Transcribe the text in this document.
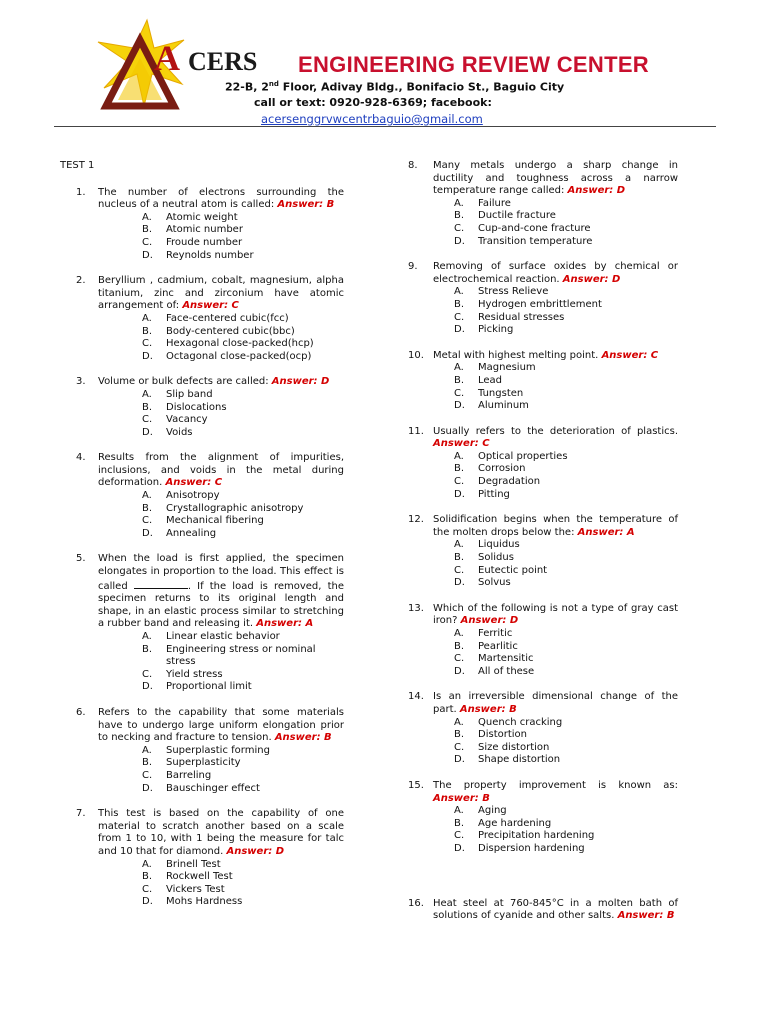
A CERS ENGINEERING REVIEW CENTER
22-B, 2nd Floor, Adivay Bldg., Bonifacio St., Baguio City
call or text: 0920-928-6369; facebook:
acersenggrvwcentrbaguio@gmail.com
TEST 1
1. The number of electrons surrounding the nucleus of a neutral atom is called: Answer: B
A. Atomic weight
B. Atomic number
C. Froude number
D. Reynolds number
2. Beryllium , cadmium, cobalt, magnesium, alpha titanium, zinc and zirconium have atomic arrangement of: Answer: C
A. Face-centered cubic(fcc)
B. Body-centered cubic(bbc)
C. Hexagonal close-packed(hcp)
D. Octagonal close-packed(ocp)
3. Volume or bulk defects are called: Answer: D
A. Slip band
B. Dislocations
C. Vacancy
D. Voids
4. Results from the alignment of impurities, inclusions, and voids in the metal during deformation. Answer: C
A. Anisotropy
B. Crystallographic anisotropy
C. Mechanical fibering
D. Annealing
5. When the load is first applied, the specimen elongates in proportion to the load. This effect is called	. If the load is removed, the specimen returns to its original length and shape, in an elastic process similar to stretching a rubber band and releasing it. Answer: A
A. Linear elastic behavior
B. Engineering stress or nominal stress
C. Yield stress
D. Proportional limit
6. Refers to the capability that some materials have to undergo large uniform elongation prior to necking and fracture to tension. Answer: B
A. Superplastic forming
B. Superplasticity
C. Barreling
D. Bauschinger effect
7. This test is based on the capability of one material to scratch another based on a scale from 1 to 10, with 1 being the measure for talc and 10 that for diamond. Answer: D
A. Brinell Test
B. Rockwell Test
C. Vickers Test
D. Mohs Hardness
8. Many metals undergo a sharp change in ductility and toughness across a narrow temperature range called: Answer: D
A. Failure
B. Ductile fracture
C. Cup-and-cone fracture
D. Transition temperature
9. Removing of surface oxides by chemical or electrochemical reaction. Answer: D
A. Stress Relieve
B. Hydrogen embrittlement
C. Residual stresses
D. Picking
10. Metal with highest melting point. Answer: C
A. Magnesium
B. Lead
C. Tungsten
D. Aluminum
11. Usually refers to the deterioration of plastics. Answer: C
A. Optical properties
B. Corrosion
C. Degradation
D. Pitting
12. Solidification begins when the temperature of the molten drops below the: Answer: A
A. Liquidus
B. Solidus
C. Eutectic point
D. Solvus
13. Which of the following is not a type of gray cast iron? Answer: D
A. Ferritic
B. Pearlitic
C. Martensitic
D. All of these
14. Is an irreversible dimensional change of the part. Answer: B
A. Quench cracking
B. Distortion
C. Size distortion
D. Shape distortion
15. The property improvement is known as: Answer: B
A. Aging
B. Age hardening
C. Precipitation hardening
D. Dispersion hardening
16. Heat steel at 760-845°C in a molten bath of solutions of cyanide and other salts. Answer: B
